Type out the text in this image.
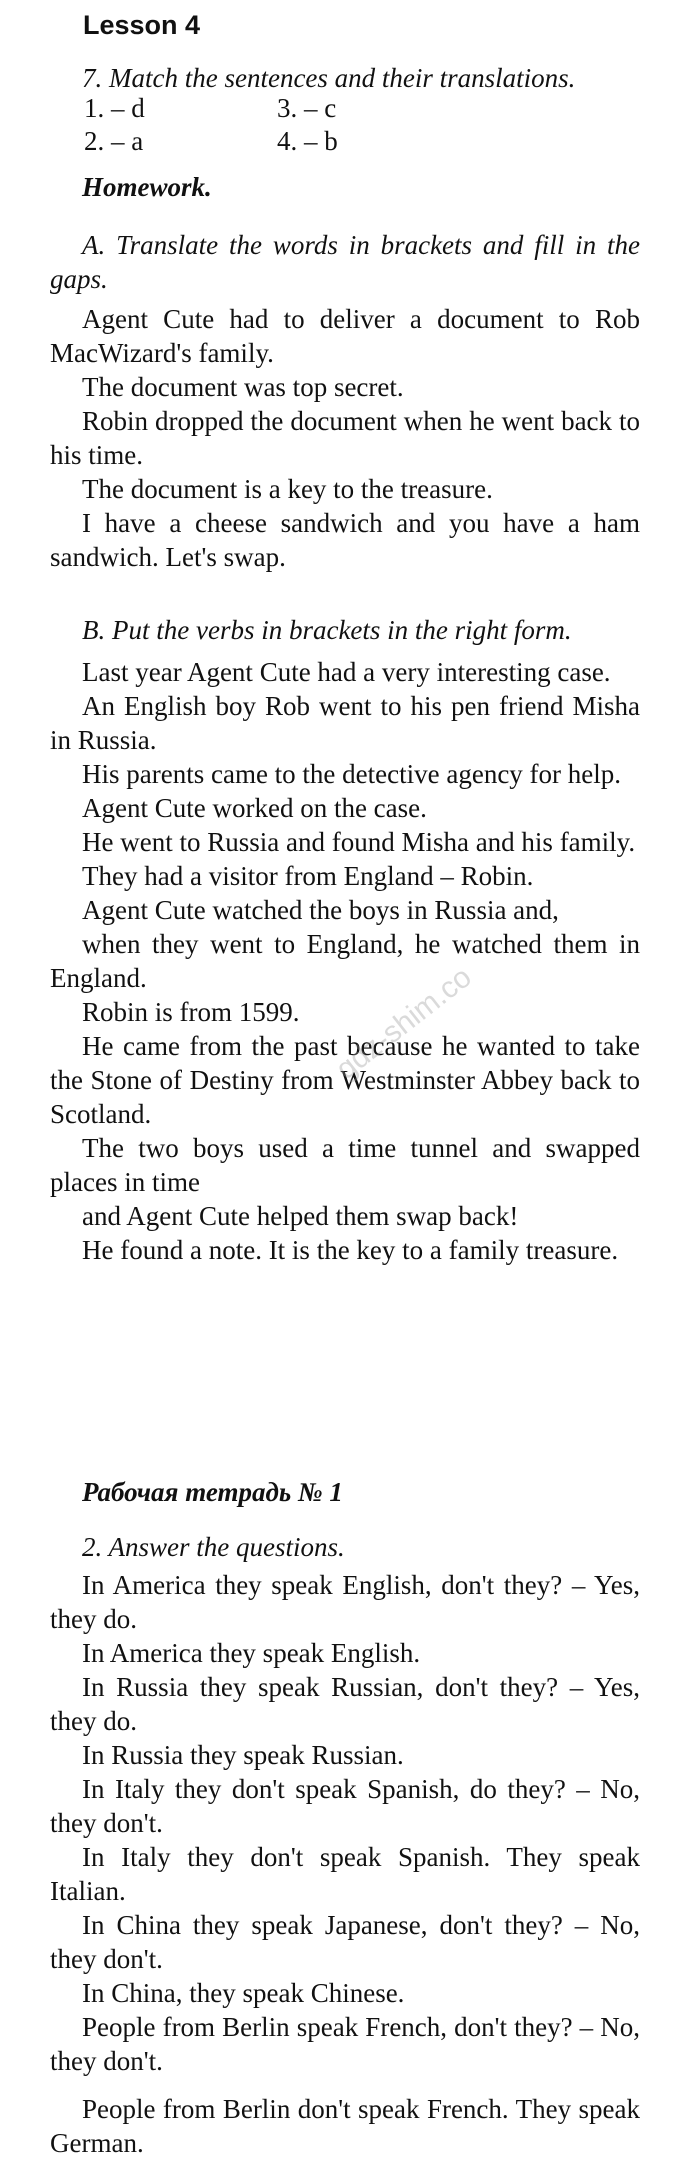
Lesson 4

7. Match the sentences and their translations.

1. – d
2. – a
3. – c
4. – b

Homework.

A. Translate the words in brackets and fill in the gaps.

Agent Cute had to deliver a document to Rob MacWizard's family.

The document was top secret.

Robin dropped the document when he went back to his time.

The document is a key to the treasure.

I have a cheese sandwich and you have a ham sandwich. Let's swap.

B. Put the verbs in brackets in the right form.

Last year Agent Cute had a very interesting case.

An English boy Rob went to his pen friend Misha in Russia.

His parents came to the detective agency for help.

Agent Cute worked on the case.

He went to Russia and found Misha and his family.

They had a visitor from England – Robin.

Agent Cute watched the boys in Russia and,

when they went to England, he watched them in England.

Robin is from 1599.

He came from the past because he wanted to take the Stone of Destiny from Westminster Abbey back to Scotland.

The two boys used a time tunnel and swapped places in time

and Agent Cute helped them swap back!

He found a note. It is the key to a family treasure.

Рабочая тетрадь № 1

2. Answer the questions.

In America they speak English, don't they? – Yes, they do.

In America they speak English.

In Russia they speak Russian, don't they? – Yes, they do.

In Russia they speak Russian.

In Italy they don't speak Spanish, do they? – No, they don't.

In Italy they don't speak Spanish. They speak Italian.

In China they speak Japanese, don't they? – No, they don't.

In China, they speak Chinese.

People from Berlin speak French, don't they? – No, they don't.

People from Berlin don't speak French. They speak German.

gdz-shim.co
